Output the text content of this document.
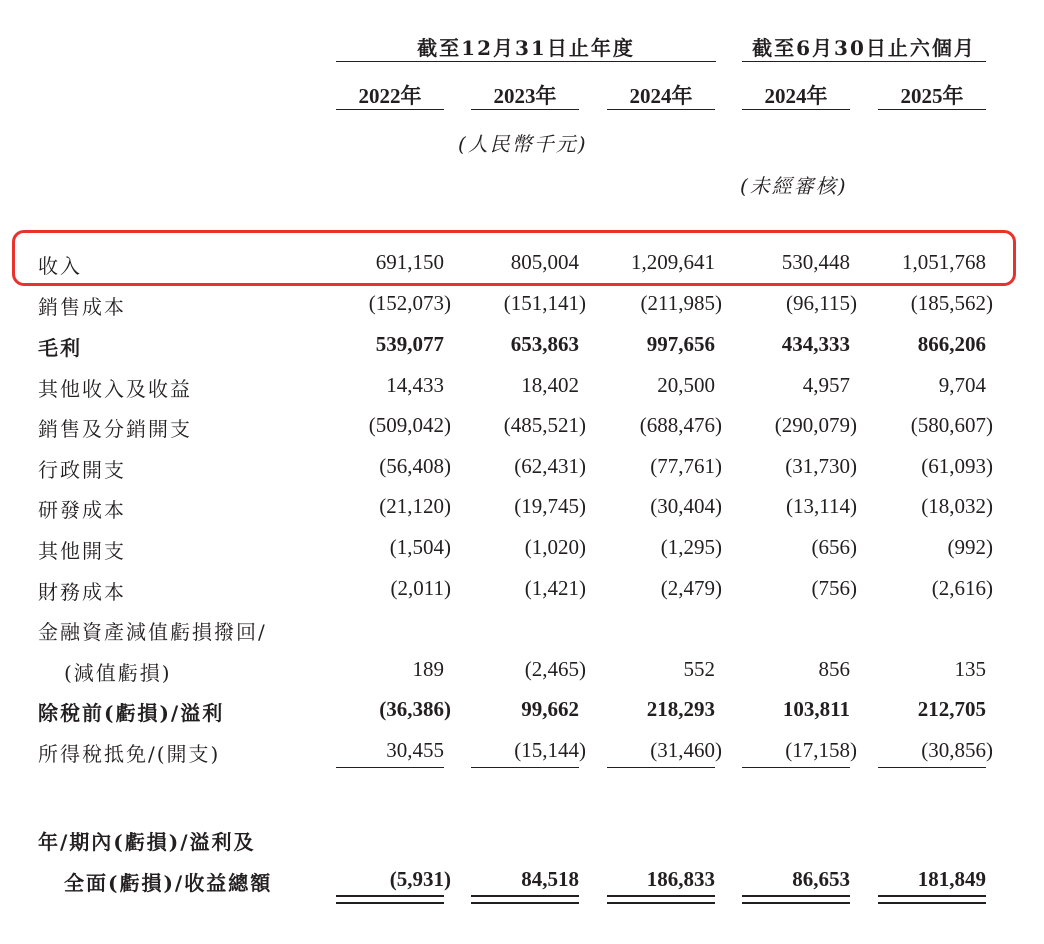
截至12月31日止年度	截至6月30日止六個月
2022年	2023年	2024年	2024年	2025年
(人民幣千元)
(未經審核)
收入	691,150	805,004	1,209,641	530,448	1,051,768
銷售成本	(152,073)	(151,141)	(211,985)	(96,115)	(185,562)
毛利	539,077	653,863	997,656	434,333	866,206
其他收入及收益	14,433	18,402	20,500	4,957	9,704
銷售及分銷開支	(509,042)	(485,521)	(688,476)	(290,079)	(580,607)
行政開支	(56,408)	(62,431)	(77,761)	(31,730)	(61,093)
研發成本	(21,120)	(19,745)	(30,404)	(13,114)	(18,032)
其他開支	(1,504)	(1,020)	(1,295)	(656)	(992)
財務成本	(2,011)	(1,421)	(2,479)	(756)	(2,616)
金融資產減值虧損撥回/
(減值虧損)	189	(2,465)	552	856	135
除稅前(虧損)/溢利	(36,386)	99,662	218,293	103,811	212,705
所得稅抵免/(開支)	30,455	(15,144)	(31,460)	(17,158)	(30,856)
年/期內(虧損)/溢利及
全面(虧損)/收益總額	(5,931)	84,518	186,833	86,653	181,849
